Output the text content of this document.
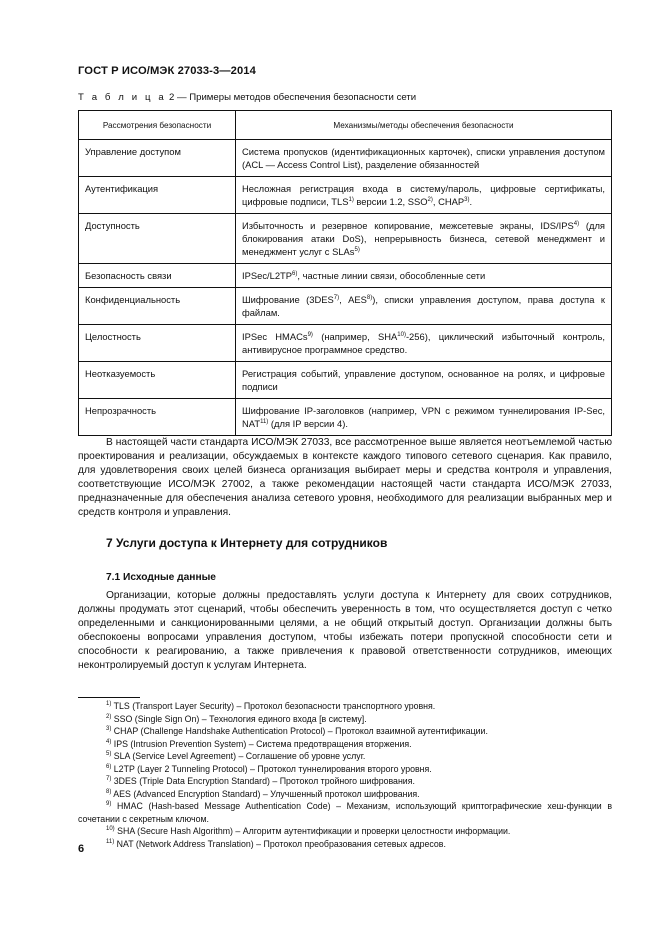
ГОСТ Р ИСО/МЭК 27033-3—2014
Т а б л и ц а 2 — Примеры методов обеспечения безопасности сети
Рассмотрения безопасности	Механизмы/методы обеспечения безопасности
Управление доступом	Система пропусков (идентификационных карточек), списки управления доступом (ACL — Access Control List), разделение обязанностей
Аутентификация	Несложная регистрация входа в систему/пароль, цифровые сертификаты, цифровые подписи, TLS$^{1)}$ версии 1.2, SSO$^{2)}$, CHAP$^{3)}$.
Доступность	Избыточность и резервное копирование, межсетевые экраны, IDS/IPS$^{4)}$ (для блокирования атаки DoS), непрерывность бизнеса, сетевой менеджмент и менеджмент услуг с SLAs$^{5)}$
Безопасность связи	IPSec/L2TP$^{6)}$, частные линии связи, обособленные сети
Конфиденциальность	Шифрование (3DES$^{7)}$, AES$^{8)}$), списки управления доступом, права доступа к файлам.
Целостность	IPSec HMACs$^{9)}$ (например, SHA$^{10)}$-256), циклический избыточный контроль, антивирусное программное средство.
Неотказуемость	Регистрация событий, управление доступом, основанное на ролях, и цифровые подписи
Непрозрачность	Шифрование IP-заголовков (например, VPN с режимом туннелирования IP-Sec, NAT$^{11)}$ (для IP версии 4).
В настоящей части стандарта ИСО/МЭК 27033, все рассмотренное выше является неотъемлемой частью проектирования и реализации, обсуждаемых в контексте каждого типового сетевого сценария. Как правило, для удовлетворения своих целей бизнеса организация выбирает меры и средства контроля и управления, соответствующие ИСО/МЭК 27002, а также рекомендации настоящей части стандарта ИСО/МЭК 27033, предназначенные для обеспечения анализа сетевого уровня, необходимого для реализации выбранных мер и средств контроля и управления.
7 Услуги доступа к Интернету для сотрудников
7.1 Исходные данные
Организации, которые должны предоставлять услуги доступа к Интернету для своих сотрудников, должны продумать этот сценарий, чтобы обеспечить уверенность в том, что осуществляется доступ с четко определенными и санкционированными целями, а не общий открытый доступ. Организации должны быть обеспокоены вопросами управления доступом, чтобы избежать потери пропускной способности сети и способности к реагированию, а также привлечения к правовой ответственности сотрудников, имеющих неконтролируемый доступ к услугам Интернета.
$^{1)}$ TLS (Transport Layer Security) – Протокол безопасности транспортного уровня.
$^{2)}$ SSO (Single Sign On) – Технология единого входа [в систему].
$^{3)}$ CHAP (Challenge Handshake Authentication Protocol) – Протокол взаимной аутентификации.
$^{4)}$ IPS (Intrusion Prevention System) – Система предотвращения вторжения.
$^{5)}$ SLA (Service Level Agreement) – Соглашение об уровне услуг.
$^{6)}$ L2TP (Layer 2 Tunneling Protocol) – Протокол туннелирования второго уровня.
$^{7)}$ 3DES (Triple Data Encryption Standard) – Протокол тройного шифрования.
$^{8)}$ AES (Advanced Encryption Standard) – Улучшенный протокол шифрования.
$^{9)}$ HMAC (Hash-based Message Authentication Code) – Механизм, использующий криптографические хеш-функции в сочетании с секретным ключом.
$^{10)}$ SHA (Secure Hash Algorithm) – Алгоритм аутентификации и проверки целостности информации.
$^{11)}$ NAT (Network Address Translation) – Протокол преобразования сетевых адресов.
6
